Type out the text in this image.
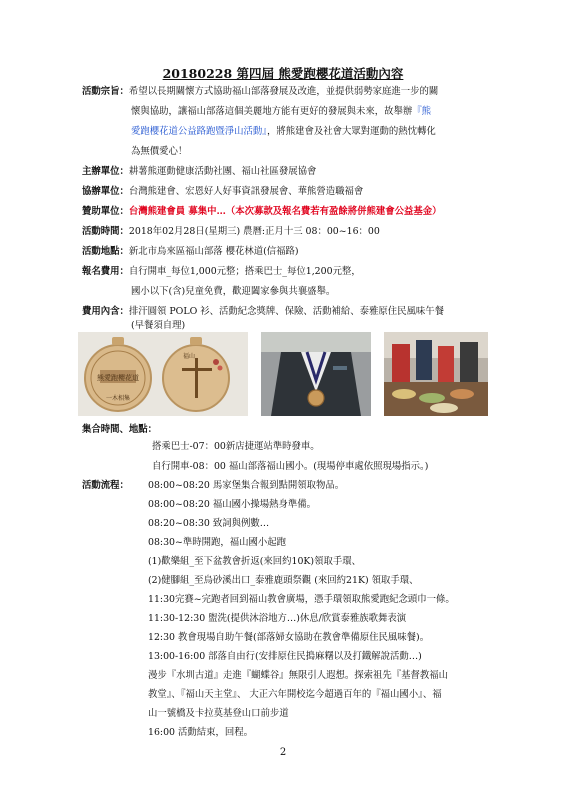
20180228 第四屆 熊愛跑櫻花道活動內容
活動宗旨：希望以長期關懷方式協助福山部落發展及改進，並提供弱勢家庭進一步的關
懷與協助，讓福山部落這個美麗地方能有更好的發展與未來，故舉辦『熊
愛跑櫻花道公益路跑暨淨山活動』，將熊建會及社會大眾對運動的熱忱轉化
為無價愛心！
主辦單位：耕薯熊運動健康活動社團、福山社區發展協會
協辦單位：台灣熊建會、宏恩好人好事資訊發展會、華熊營造職福會
贊助單位：台灣熊建會員 募集中…（本次募款及報名費若有盈餘將併熊建會公益基金）
活動時間：2018年02月28日(星期三) 農曆:正月十三 08：00~16：00
活動地點：新北市烏來區福山部落 櫻花林道(信福路)
報名費用：自行開車_每位1,000元整；搭乘巴士_每位1,200元整，
國小以下(含)兒童免費，歡迎闔家參與共襄盛舉。
費用內含：排汗圓領 POLO 衫、活動紀念獎牌、保險、活動補給、泰雅原住民風味午餐
(早餐須自理)
熊愛跑櫻花道
一木相集
福山
集合時間、地點：
搭乘巴士-07：00新店捷運站準時發車。
自行開車-08：00 福山部落福山國小。(現場停車處依照現場指示。)
活動流程： 08:00~08:20 馬家堡集合報到點開領取物品。
08:00~08:20 福山國小操場熱身準備。
08:20~08:30 致詞與例數…
08:30~準時開跑，福山國小起跑
(1)歡樂組_至下盆教會折返(來回約10K)領取手環、
(2)健腳組_至烏砂溪出口_泰雅鹿頭祭觀 (來回約21K) 領取手環、
11:30完賽~完跑者回到福山教會廣場，憑手環領取熊愛跑紀念頭巾一條。
11:30-12:30 盥洗(提供沐浴地方…)休息/欣賞泰雅族歌舞表演
12:30 教會現場自助午餐(部落婦女協助在教會準備原住民風味餐)。
13:00-16:00 部落自由行(安排原住民搗麻糬以及打鐵解說活動…)
漫步『水圳古道』走進『蝴蝶谷』無限引人遐想。探索祖先『基督教福山
教堂』、『福山天主堂』、 大正六年開校迄今超過百年的『福山國小』、福
山一號橋及卡拉莫基登山口前步道
16:00 活動結束，回程。
2
